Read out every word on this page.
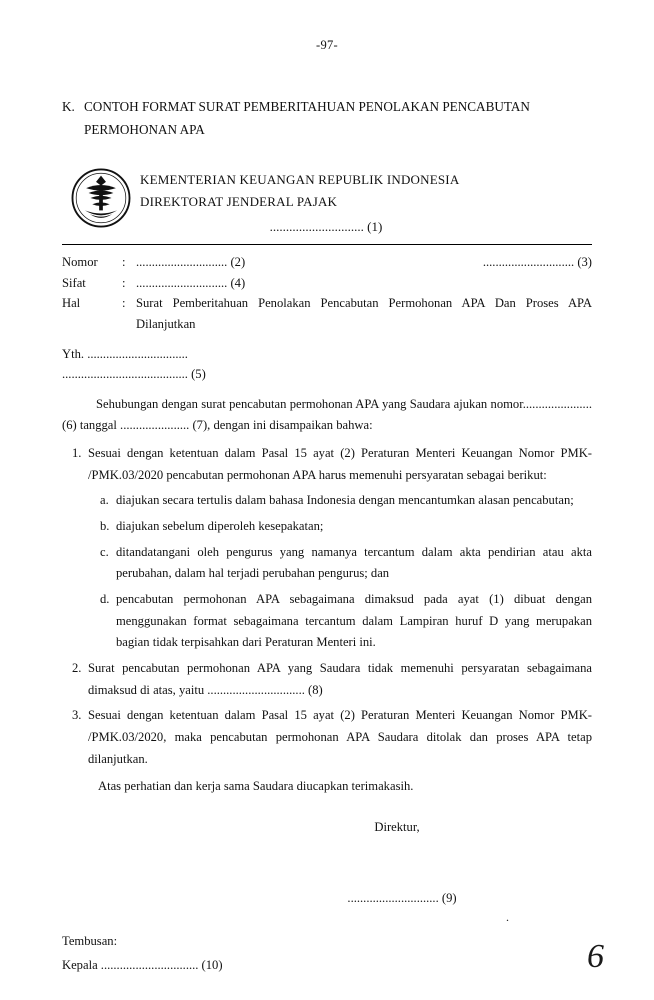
-97-
K. CONTOH FORMAT SURAT PEMBERITAHUAN PENOLAKAN PENCABUTAN
PERMOHONAN APA
KEMENTERIAN KEUANGAN REPUBLIK INDONESIA
DIREKTORAT JENDERAL PAJAK
............................. (1)
Nomor	: ............................. (2)	............................. (3)
Sifat	: ............................. (4)
Hal	: Surat Pemberitahuan Penolakan Pencabutan Permohonan APA Dan Proses APA Dilanjutkan
Yth. ................................
........................................ (5)
Sehubungan dengan surat pencabutan permohonan APA yang Saudara ajukan nomor...................... (6) tanggal ...................... (7), dengan ini disampaikan bahwa:
1. Sesuai dengan ketentuan dalam Pasal 15 ayat (2) Peraturan Menteri Keuangan Nomor PMK- /PMK.03/2020 pencabutan permohonan APA harus memenuhi persyaratan sebagai berikut:
a. diajukan secara tertulis dalam bahasa Indonesia dengan mencantumkan alasan pencabutan;
b. diajukan sebelum diperoleh kesepakatan;
c. ditandatangani oleh pengurus yang namanya tercantum dalam akta pendirian atau akta perubahan, dalam hal terjadi perubahan pengurus; dan
d. pencabutan permohonan APA sebagaimana dimaksud pada ayat (1) dibuat dengan menggunakan format sebagaimana tercantum dalam Lampiran huruf D yang merupakan bagian tidak terpisahkan dari Peraturan Menteri ini.
2. Surat pencabutan permohonan APA yang Saudara tidak memenuhi persyaratan sebagaimana dimaksud di atas, yaitu ............................... (8)
3. Sesuai dengan ketentuan dalam Pasal 15 ayat (2) Peraturan Menteri Keuangan Nomor PMK- /PMK.03/2020, maka pencabutan permohonan APA Saudara ditolak dan proses APA tetap dilanjutkan.
Atas perhatian dan kerja sama Saudara diucapkan terimakasih.
Direktur,
............................. (9)
Tembusan:
Kepala ............................... (10)
.
6
